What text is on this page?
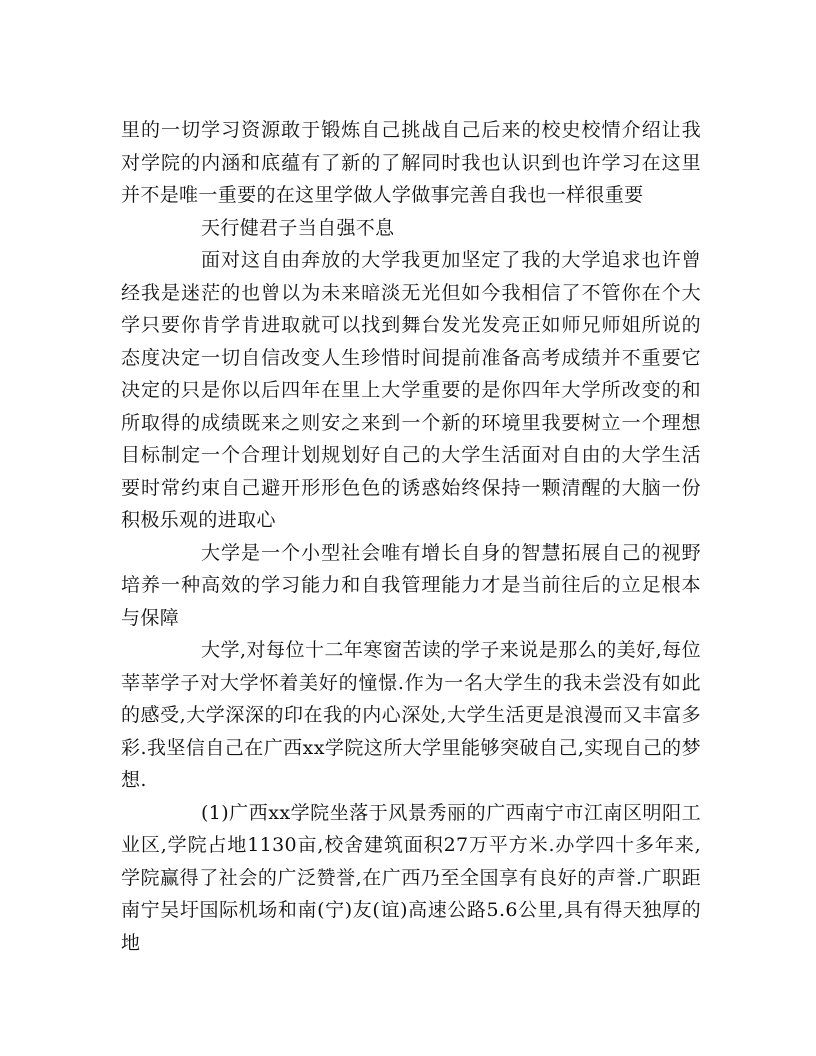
里的一切学习资源敢于锻炼自己挑战自己后来的校史校情介绍让我对学院的内涵和底蕴有了新的了解同时我也认识到也许学习在这里并不是唯一重要的在这里学做人学做事完善自我也一样很重要

天行健君子当自强不息

面对这自由奔放的大学我更加坚定了我的大学追求也许曾经我是迷茫的也曾以为未来暗淡无光但如今我相信了不管你在个大学只要你肯学肯进取就可以找到舞台发光发亮正如师兄师姐所说的态度决定一切自信改变人生珍惜时间提前准备高考成绩并不重要它决定的只是你以后四年在里上大学重要的是你四年大学所改变的和所取得的成绩既来之则安之来到一个新的环境里我要树立一个理想目标制定一个合理计划规划好自己的大学生活面对自由的大学生活要时常约束自己避开形形色色的诱惑始终保持一颗清醒的大脑一份积极乐观的进取心

大学是一个小型社会唯有增长自身的智慧拓展自己的视野培养一种高效的学习能力和自我管理能力才是当前往后的立足根本与保障

大学,对每位十二年寒窗苦读的学子来说是那么的美好,每位莘莘学子对大学怀着美好的憧憬.作为一名大学生的我未尝没有如此的感受,大学深深的印在我的内心深处,大学生活更是浪漫而又丰富多彩.我坚信自己在广西xx学院这所大学里能够突破自己,实现自己的梦想.

(1)广西xx学院坐落于风景秀丽的广西南宁市江南区明阳工业区,学院占地1130亩,校舍建筑面积27万平方米.办学四十多年来,学院赢得了社会的广泛赞誉,在广西乃至全国享有良好的声誉.广职距南宁吴圩国际机场和南(宁)友(谊)高速公路5.6公里,具有得天独厚的地
